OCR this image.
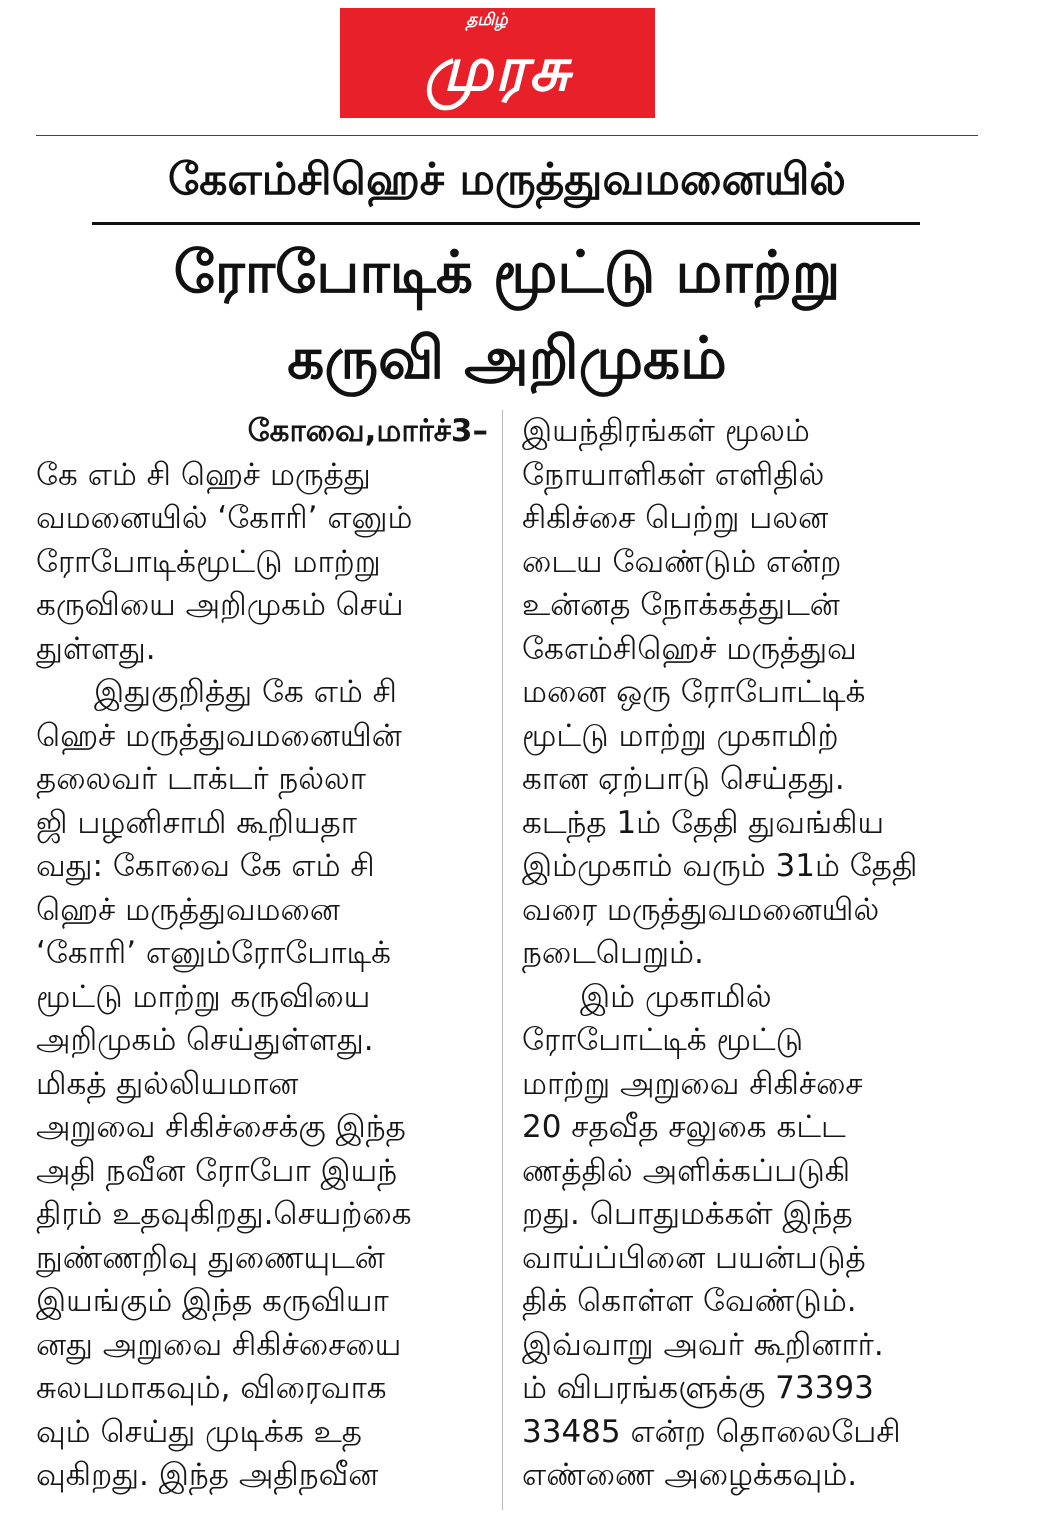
தமிழ்
முரசு
கேஎம்சிஹெச் மருத்துவமனையில்
ரோபோடிக் மூட்டு மாற்று
கருவி அறிமுகம்
கோவை,மார்ச்3–
கே எம் சி ஹெச் மருத்து
வமனையில் ‘கோரி’ எனும்
ரோபோடிக்மூட்டு மாற்று
கருவியை அறிமுகம் செய்
துள்ளது.
இதுகுறித்து கே எம் சி
ஹெச் மருத்துவமனையின்
தலைவர் டாக்டர் நல்லா
ஜி பழனிசாமி கூறியதா
வது: கோவை கே எம் சி
ஹெச் மருத்துவமனை
‘கோரி’ எனும்ரோபோடிக்
மூட்டு மாற்று கருவியை
அறிமுகம் செய்துள்ளது.
மிகத் துல்லியமான
அறுவை சிகிச்சைக்கு இந்த
அதி நவீன ரோபோ இயந்
திரம் உதவுகிறது.செயற்கை
நுண்ணறிவு துணையுடன்
இயங்கும் இந்த கருவியா
னது அறுவை சிகிச்சையை
சுலபமாகவும், விரைவாக
வும் செய்து முடிக்க உத
வுகிறது. இந்த அதிநவீன
இயந்திரங்கள் மூலம்
நோயாளிகள் எளிதில்
சிகிச்சை பெற்று பலன
டைய வேண்டும் என்ற
உன்னத நோக்கத்துடன்
கேஎம்சிஹெச் மருத்துவ
மனை ஒரு ரோபோட்டிக்
மூட்டு மாற்று முகாமிற்
கான ஏற்பாடு செய்தது.
கடந்த 1ம் தேதி துவங்கிய
இம்முகாம் வரும் 31ம் தேதி
வரை மருத்துவமனையில்
நடைபெறும்.
இம் முகாமில்
ரோபோட்டிக் மூட்டு
மாற்று அறுவை சிகிச்சை
20 சதவீத சலுகை கட்ட
ணத்தில் அளிக்கப்படுகி
றது. பொதுமக்கள் இந்த
வாய்ப்பினை பயன்படுத்
திக் கொள்ள வேண்டும்.
இவ்வாறு அவர் கூறினார்.
ம் விபரங்களுக்கு 73393
33485 என்ற தொலைபேசி
எண்ணை அழைக்கவும்.
